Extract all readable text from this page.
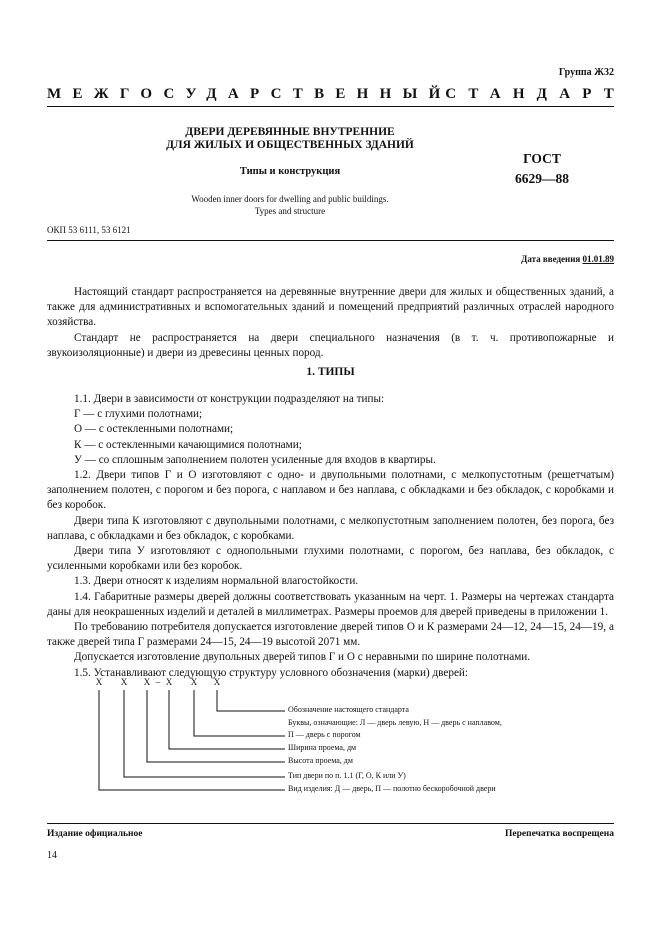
Группа Ж32
МЕЖГОСУДАРСТВЕННЫЙ
СТАНДАРТ
ДВЕРИ ДЕРЕВЯННЫЕ ВНУТРЕННИЕ
ДЛЯ ЖИЛЫХ И ОБЩЕСТВЕННЫХ ЗДАНИЙ
Типы и конструкция
Wooden inner doors for dwelling and public buildings.
Types and structure
ГОСТ
6629—88
ОКП 53 6111, 53 6121
Дата введения 01.01.89
Настоящий стандарт распространяется на деревянные внутренние двери для жилых и общественных зданий, а также для административных и вспомогательных зданий и помещений предприятий различных отраслей народного хозяйства.
Стандарт не распространяется на двери специального назначения (в т. ч. противопожарные и звукоизоляционные) и двери из древесины ценных пород.
1. ТИПЫ
1.1. Двери в зависимости от конструкции подразделяют на типы:
Г — с глухими полотнами;
О — с остекленными полотнами;
К — с остекленными качающимися полотнами;
У — со сплошным заполнением полотен усиленные для входов в квартиры.
1.2. Двери типов Г и О изготовляют с одно- и двупольными полотнами, с мелкопустотным (решетчатым) заполнением полотен, с порогом и без порога, с наплавом и без наплава, с обкладками и без обкладок, с коробками и без коробок.
Двери типа К изготовляют с двупольными полотнами, с мелкопустотным заполнением полотен, без порога, без наплава, с обкладками и без обкладок, с коробками.
Двери типа У изготовляют с однопольными глухими полотнами, с порогом, без наплава, без обкладок, с усиленными коробками или без коробок.
1.3. Двери относят к изделиям нормальной влагостойкости.
1.4. Габаритные размеры дверей должны соответствовать указанным на черт. 1. Размеры на чертежах стандарта даны для неокрашенных изделий и деталей в миллиметрах. Размеры проемов для дверей приведены в приложении 1.
По требованию потребителя допускается изготовление дверей типов О и К размерами 24—12, 24—15, 24—19, а также дверей типа Г размерами 24—15, 24—19 высотой 2071 мм.
Допускается изготовление двупольных дверей типов Г и О с неравными по ширине полотнами.
1.5. Устанавливают следующую структуру условного обозначения (марки) дверей:
Х Х Х – Х Х Х
Обозначение настоящего стандарта
Буквы, означающие: Л — дверь левую, Н — дверь с наплавом,
П — дверь с порогом
Ширина проема, дм
Высота проема, дм
Тип двери по п. 1.1 (Г, О, К или У)
Вид изделия: Д — дверь, П — полотно бескоробочной двери
Издание официальное	Перепечатка воспрещена
14
